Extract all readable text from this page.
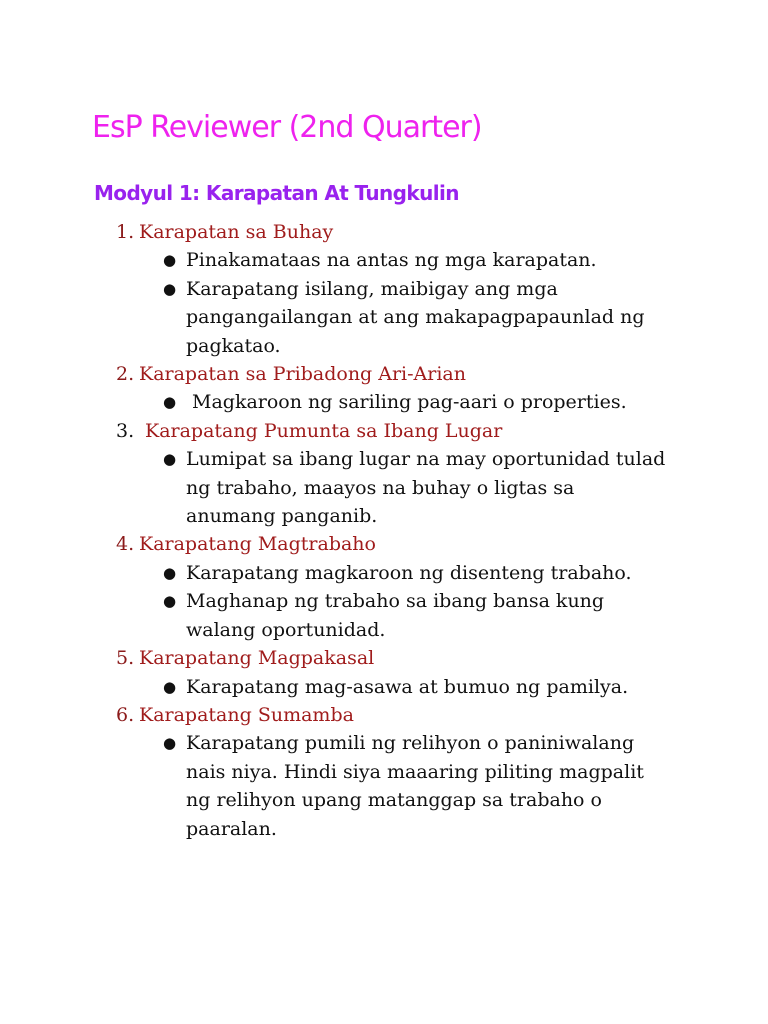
EsP Reviewer (2nd Quarter)
Modyul 1: Karapatan At Tungkulin
1. Karapatan sa Buhay
● Pinakamataas na antas ng mga karapatan.
● Karapatang isilang, maibigay ang mga pangangailangan at ang makapagpapaunlad ng pagkatao.
2. Karapatan sa Pribadong Ari-Arian
● Magkaroon ng sariling pag-aari o properties.
3. Karapatang Pumunta sa Ibang Lugar
● Lumipat sa ibang lugar na may oportunidad tulad ng trabaho, maayos na buhay o ligtas sa anumang panganib.
4. Karapatang Magtrabaho
● Karapatang magkaroon ng disenteng trabaho.
● Maghanap ng trabaho sa ibang bansa kung walang oportunidad.
5. Karapatang Magpakasal
● Karapatang mag-asawa at bumuo ng pamilya.
6. Karapatang Sumamba
● Karapatang pumili ng relihyon o paniniwalang nais niya. Hindi siya maaaring piliting magpalit ng relihyon upang matanggap sa trabaho o paaralan.
